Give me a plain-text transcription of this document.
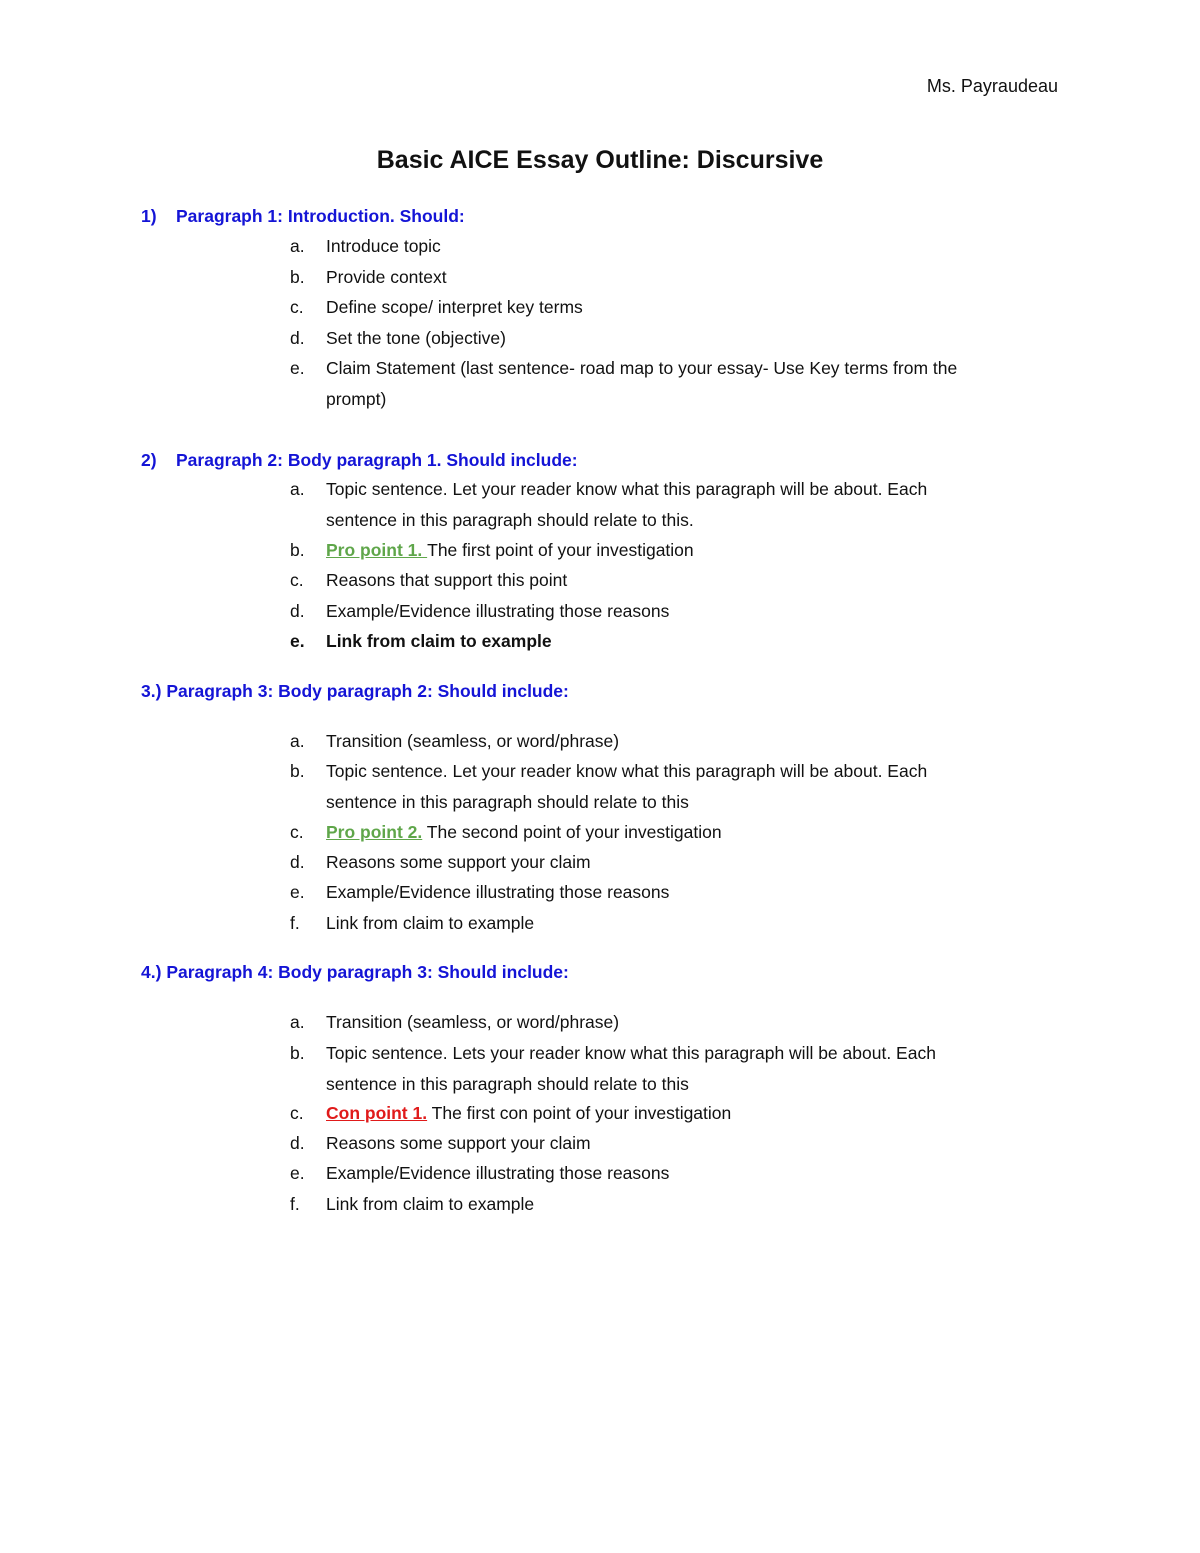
Ms. Payraudeau
Basic AICE Essay Outline: Discursive
1) Paragraph 1: Introduction. Should:
a. Introduce topic
b. Provide context
c. Define scope/ interpret key terms
d. Set the tone (objective)
e. Claim Statement (last sentence- road map to your essay- Use Key terms from the
prompt)
2) Paragraph 2: Body paragraph 1. Should include:
a. Topic sentence. Let your reader know what this paragraph will be about. Each
sentence in this paragraph should relate to this.
b. Pro point 1. The first point of your investigation
c. Reasons that support this point
d. Example/Evidence illustrating those reasons
e. Link from claim to example
3.) Paragraph 3: Body paragraph 2: Should include:
a. Transition (seamless, or word/phrase)
b. Topic sentence. Let your reader know what this paragraph will be about. Each
sentence in this paragraph should relate to this
c. Pro point 2. The second point of your investigation
d. Reasons some support your claim
e. Example/Evidence illustrating those reasons
f. Link from claim to example
4.) Paragraph 4: Body paragraph 3: Should include:
a. Transition (seamless, or word/phrase)
b. Topic sentence. Lets your reader know what this paragraph will be about. Each
sentence in this paragraph should relate to this
c. Con point 1. The first con point of your investigation
d. Reasons some support your claim
e. Example/Evidence illustrating those reasons
f. Link from claim to example
